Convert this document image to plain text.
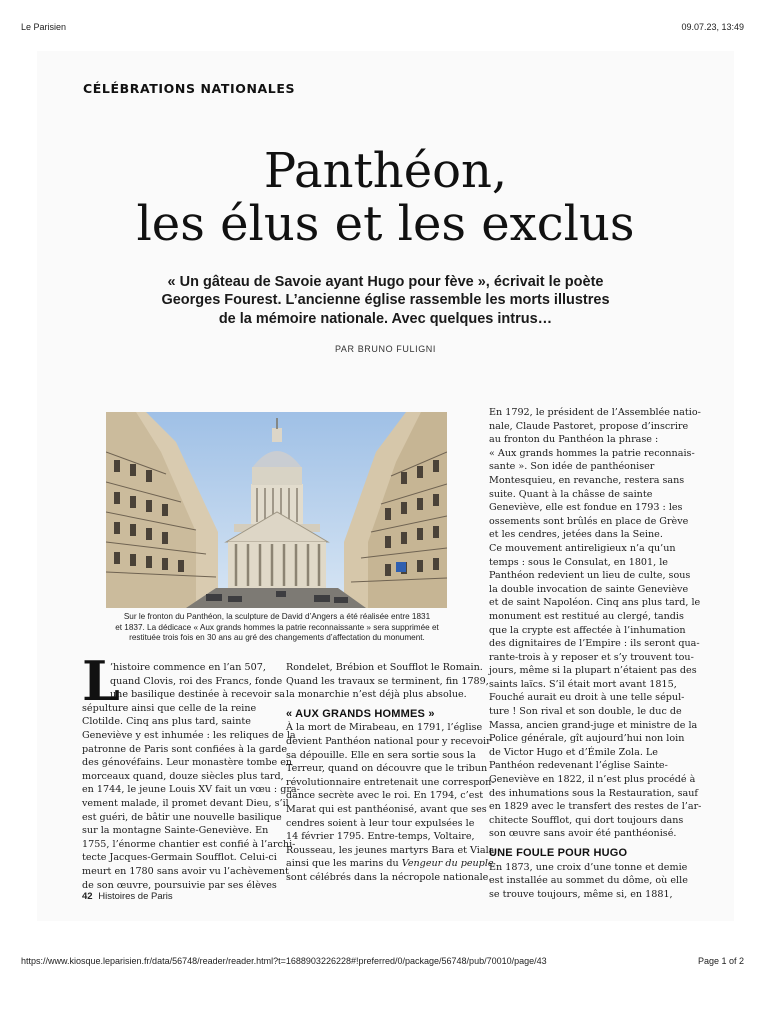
Le Parisien	09.07.23, 13:49
CÉLÉBRATIONS NATIONALES
Panthéon,
les élus et les exclus
« Un gâteau de Savoie ayant Hugo pour fève », écrivait le poète
Georges Fourest. L’ancienne église rassemble les morts illustres
de la mémoire nationale. Avec quelques intrus…
PAR BRUNO FULIGNI
Sur le fronton du Panthéon, la sculpture de David d’Angers a été réalisée entre 1831
et 1837. La dédicace « Aux grands hommes la patrie reconnaissante » sera supprimée et
restituée trois fois en 30 ans au gré des changements d’affectation du monument.
L
’histoire commence en l’an 507,
quand Clovis, roi des Francs, fonde
une basilique destinée à recevoir sa
sépulture ainsi que celle de la reine
Clotilde. Cinq ans plus tard, sainte
Geneviève y est inhumée : les reliques de la
patronne de Paris sont confiées à la garde
des génovéfains. Leur monastère tombe en
morceaux quand, douze siècles plus tard,
en 1744, le jeune Louis XV fait un vœu : gra-
vement malade, il promet devant Dieu, s’il
est guéri, de bâtir une nouvelle basilique
sur la montagne Sainte-Geneviève. En
1755, l’énorme chantier est confié à l’archi-
tecte Jacques-Germain Soufflot. Celui-ci
meurt en 1780 sans avoir vu l’achèvement
de son œuvre, poursuivie par ses élèves
Rondelet, Brébion et Soufflot le Romain.
Quand les travaux se terminent, fin 1789,
la monarchie n’est déjà plus absolue.
« AUX GRANDS HOMMES »
À la mort de Mirabeau, en 1791, l’église
devient Panthéon national pour y recevoir
sa dépouille. Elle en sera sortie sous la
Terreur, quand on découvre que le tribun
révolutionnaire entretenait une correspon-
dance secrète avec le roi. En 1794, c’est
Marat qui est panthéonisé, avant que ses
cendres soient à leur tour expulsées le
14 février 1795. Entre-temps, Voltaire,
Rousseau, les jeunes martyrs Bara et Viala
ainsi que les marins du Vengeur du peuple
sont célébrés dans la nécropole nationale.
En 1792, le président de l’Assemblée natio-
nale, Claude Pastoret, propose d’inscrire
au fronton du Panthéon la phrase :
« Aux grands hommes la patrie reconnais-
sante ». Son idée de panthéoniser
Montesquieu, en revanche, restera sans
suite. Quant à la châsse de sainte
Geneviève, elle est fondue en 1793 : les
ossements sont brûlés en place de Grève
et les cendres, jetées dans la Seine.
Ce mouvement antireligieux n’a qu’un
temps : sous le Consulat, en 1801, le
Panthéon redevient un lieu de culte, sous
la double invocation de sainte Geneviève
et de saint Napoléon. Cinq ans plus tard, le
monument est restitué au clergé, tandis
que la crypte est affectée à l’inhumation
des dignitaires de l’Empire : ils seront qua-
rante-trois à y reposer et s’y trouvent tou-
jours, même si la plupart n’étaient pas des
saints laïcs. S’il était mort avant 1815,
Fouché aurait eu droit à une telle sépul-
ture ! Son rival et son double, le duc de
Massa, ancien grand-juge et ministre de la
Police générale, gît aujourd’hui non loin
de Victor Hugo et d’Émile Zola. Le
Panthéon redevenant l’église Sainte-
Geneviève en 1822, il n’est plus procédé à
des inhumations sous la Restauration, sauf
en 1829 avec le transfert des restes de l’ar-
chitecte Soufflot, qui dort toujours dans
son œuvre sans avoir été panthéonisé.
UNE FOULE POUR HUGO
En 1873, une croix d’une tonne et demie
est installée au sommet du dôme, où elle
se trouve toujours, même si, en 1881,
42 Histoires de Paris
https://www.kiosque.leparisien.fr/data/56748/reader/reader.html?t=1688903226228#!preferred/0/package/56748/pub/70010/page/43	Page 1 of 2
